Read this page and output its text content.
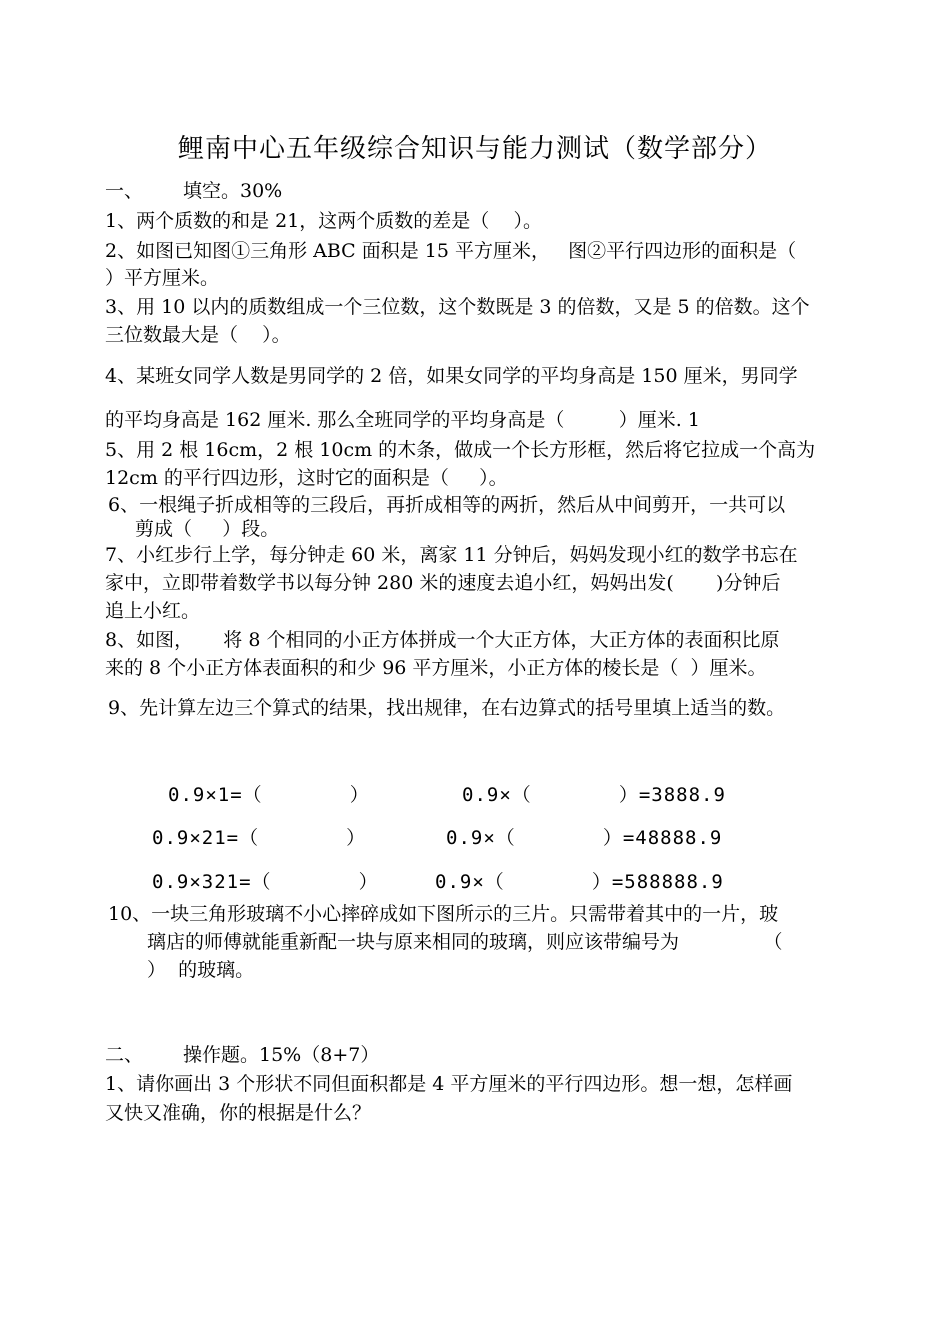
鲤南中心五年级综合知识与能力测试（数学部分）
一、 填空。30%
1、两个质数的和是 21，这两个质数的差是（    ）。
2、如图已知图①三角形 ABC 面积是 15 平方厘米，   图②平行四边形的面积是（
）平方厘米。
3、用 10 以内的质数组成一个三位数，这个数既是 3 的倍数，又是 5 的倍数。这个
三位数最大是（    ）。
4、某班女同学人数是男同学的 2 倍，如果女同学的平均身高是 150 厘米，男同学
的平均身高是 162 厘米. 那么全班同学的平均身高是（         ）厘米. 1
5、用 2 根 16cm，2 根 10cm 的木条，做成一个长方形框，然后将它拉成一个高为
12cm 的平行四边形，这时它的面积是（     ）。
6、一根绳子折成相等的三段后，再折成相等的两折，然后从中间剪开，一共可以
剪成（     ）段。
7、小红步行上学，每分钟走 60 米，离家 11 分钟后，妈妈发现小红的数学书忘在
家中，立即带着数学书以每分钟 280 米的速度去追小红，妈妈出发(       )分钟后
追上小红。
8、如图，     将 8 个相同的小正方体拼成一个大正方体，大正方体的表面积比原
来的 8 个小正方体表面积的和少 96 平方厘米，小正方体的棱长是（  ）厘米。
9、先计算左边三个算式的结果，找出规律，在右边算式的括号里填上适当的数。
0.9×1=（       ）	0.9×（       ）=3888.9
0.9×21=（       ）	0.9×（       ）=48888.9
0.9×321=（       ）	0.9×（       ）=588888.9
10、一块三角形玻璃不小心摔碎成如下图所示的三片。只需带着其中的一片，玻
璃店的师傅就能重新配一块与原来相同的玻璃，则应该带编号为              （
）  的玻璃。
二、 操作题。15%（8+7）
1、请你画出 3 个形状不同但面积都是 4 平方厘米的平行四边形。想一想，怎样画
又快又准确，你的根据是什么？
